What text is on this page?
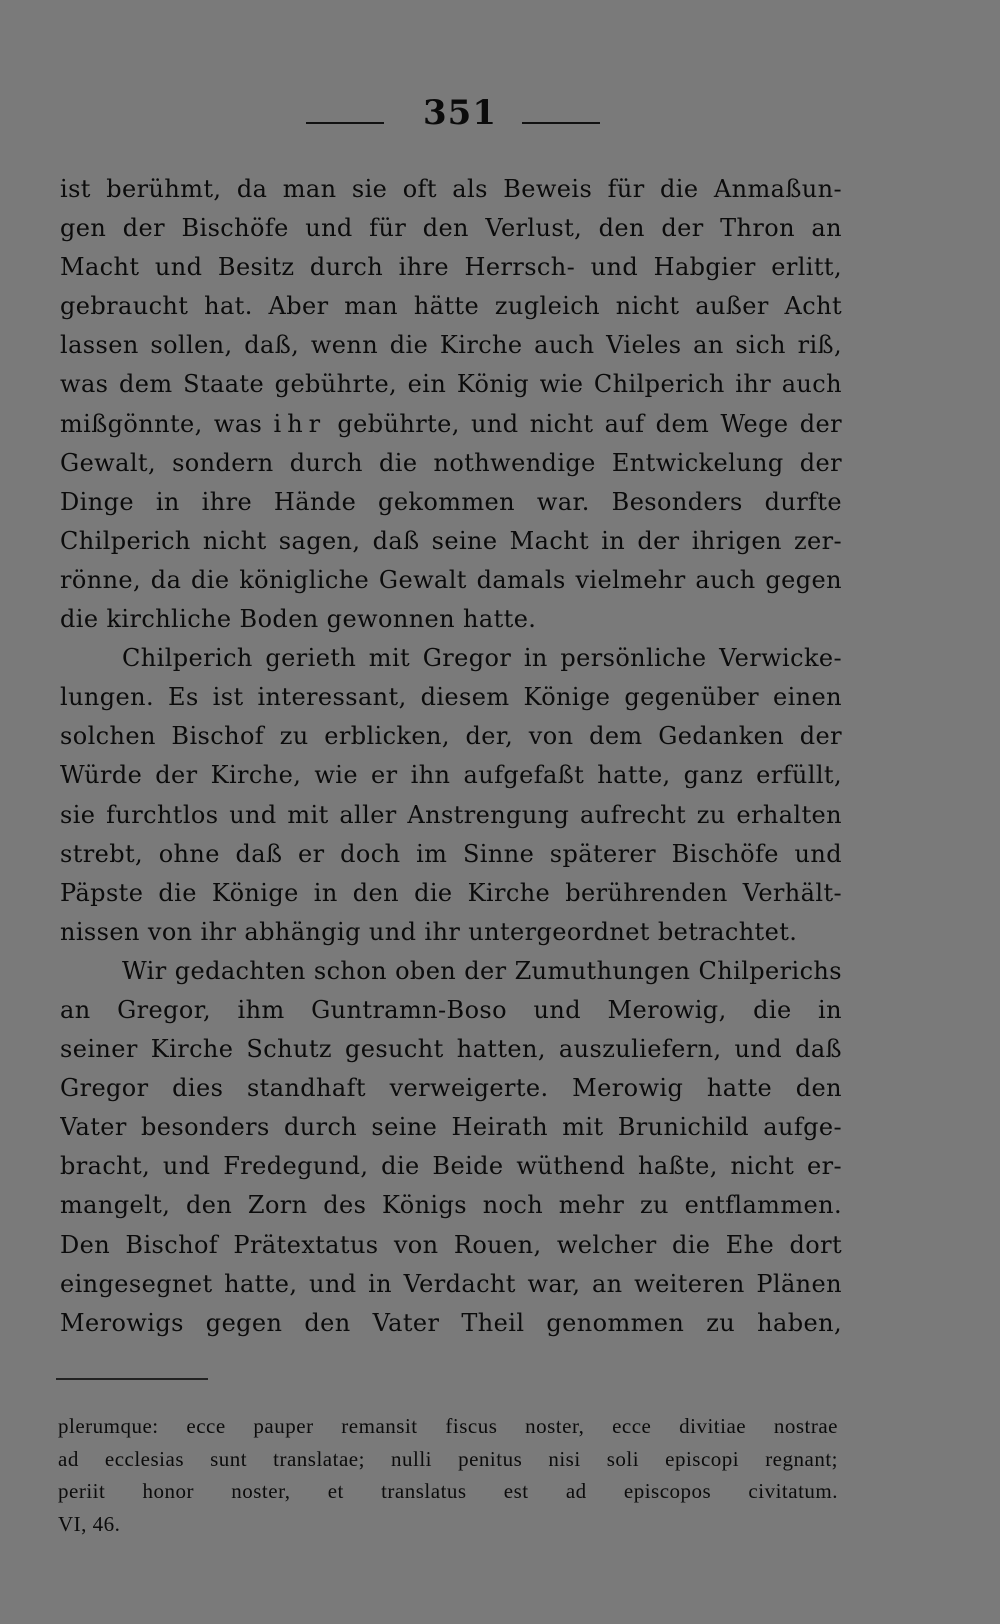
351
ist berühmt, da man sie oft als Beweis für die Anmaßun-
gen der Bischöfe und für den Verlust, den der Thron an
Macht und Besitz durch ihre Herrsch- und Habgier erlitt,
gebraucht hat. Aber man hätte zugleich nicht außer Acht
lassen sollen, daß, wenn die Kirche auch Vieles an sich riß,
was dem Staate gebührte, ein König wie Chilperich ihr auch
mißgönnte, was ihr gebührte, und nicht auf dem Wege der
Gewalt, sondern durch die nothwendige Entwickelung der
Dinge in ihre Hände gekommen war. Besonders durfte
Chilperich nicht sagen, daß seine Macht in der ihrigen zer-
rönne, da die königliche Gewalt damals vielmehr auch gegen
die kirchliche Boden gewonnen hatte.
Chilperich gerieth mit Gregor in persönliche Verwicke-
lungen. Es ist interessant, diesem Könige gegenüber einen
solchen Bischof zu erblicken, der, von dem Gedanken der
Würde der Kirche, wie er ihn aufgefaßt hatte, ganz erfüllt,
sie furchtlos und mit aller Anstrengung aufrecht zu erhalten
strebt, ohne daß er doch im Sinne späterer Bischöfe und
Päpste die Könige in den die Kirche berührenden Verhält-
nissen von ihr abhängig und ihr untergeordnet betrachtet.
Wir gedachten schon oben der Zumuthungen Chilperichs
an Gregor, ihm Guntramn-Boso und Merowig, die in
seiner Kirche Schutz gesucht hatten, auszuliefern, und daß
Gregor dies standhaft verweigerte. Merowig hatte den
Vater besonders durch seine Heirath mit Brunichild aufge-
bracht, und Fredegund, die Beide wüthend haßte, nicht er-
mangelt, den Zorn des Königs noch mehr zu entflammen.
Den Bischof Prätextatus von Rouen, welcher die Ehe dort
eingesegnet hatte, und in Verdacht war, an weiteren Plänen
Merowigs gegen den Vater Theil genommen zu haben,
plerumque: ecce pauper remansit fiscus noster, ecce divitiae nostrae
ad ecclesias sunt translatae; nulli penitus nisi soli episcopi regnant;
periit honor noster, et translatus est ad episcopos civitatum.
VI, 46.
